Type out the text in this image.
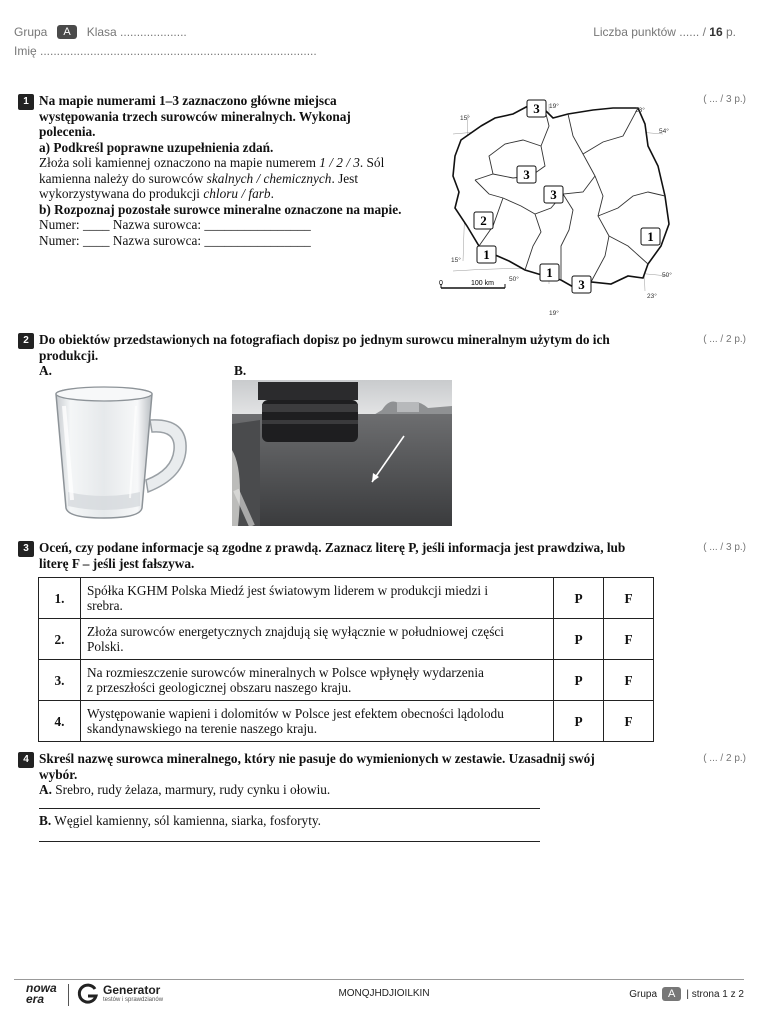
Grupa	A	Klasa ....................
Imię ...................................................................................
Liczba punktów ...... / 16 p.
1	( ... / 3 p.)
Na mapie numerami 1–3 zaznaczono główne miejsca
występowania trzech surowców mineralnych. Wykonaj
polecenia.
a) Podkreśl poprawne uzupełnienia zdań.
Złoża soli kamiennej oznaczono na mapie numerem 1 / 2 / 3. Sól
kamienna należy do surowców skalnych / chemicznych. Jest
wykorzystywana do produkcji chloru / farb.
b) Rozpoznaj pozostałe surowce mineralne oznaczone na mapie.
Numer: ____ Nazwa surowca: ________________
Numer: ____ Nazwa surowca: ________________
3
3
3
2
1
1
1
3
19°
15°
23°
54°
15°
50°
50°
23°
19°
0	100 km
2	( ... / 2 p.)
Do obiektów przedstawionych na fotografiach dopisz po jednym surowcu mineralnym użytym do ich
produkcji.
A.	B.
3	( ... / 3 p.)
Oceń, czy podane informacje są zgodne z prawdą. Zaznacz literę P, jeśli informacja jest prawdziwa, lub
literę F – jeśli jest fałszywa.
1.	Spółka KGHM Polska Miedź jest światowym liderem w produkcji miedzi i
srebra.	P	F
2.	Złoża surowców energetycznych znajdują się wyłącznie w południowej części
Polski.	P	F
3.	Na rozmieszczenie surowców mineralnych w Polsce wpłynęły wydarzenia
z przeszłości geologicznej obszaru naszego kraju.	P	F
4.	Występowanie wapieni i dolomitów w Polsce jest efektem obecności lądolodu
skandynawskiego na terenie naszego kraju.	P	F
4	( ... / 2 p.)
Skreśl nazwę surowca mineralnego, który nie pasuje do wymienionych w zestawie. Uzasadnij swój
wybór.
A. Srebro, rudy żelaza, marmury, rudy cynku i ołowiu.
B. Węgiel kamienny, sól kamienna, siarka, fosforyty.
nowa
era
Generator
testów i sprawdzianów
MONQJHDJIOILKIN	Grupa	A	| strona 1 z 2
